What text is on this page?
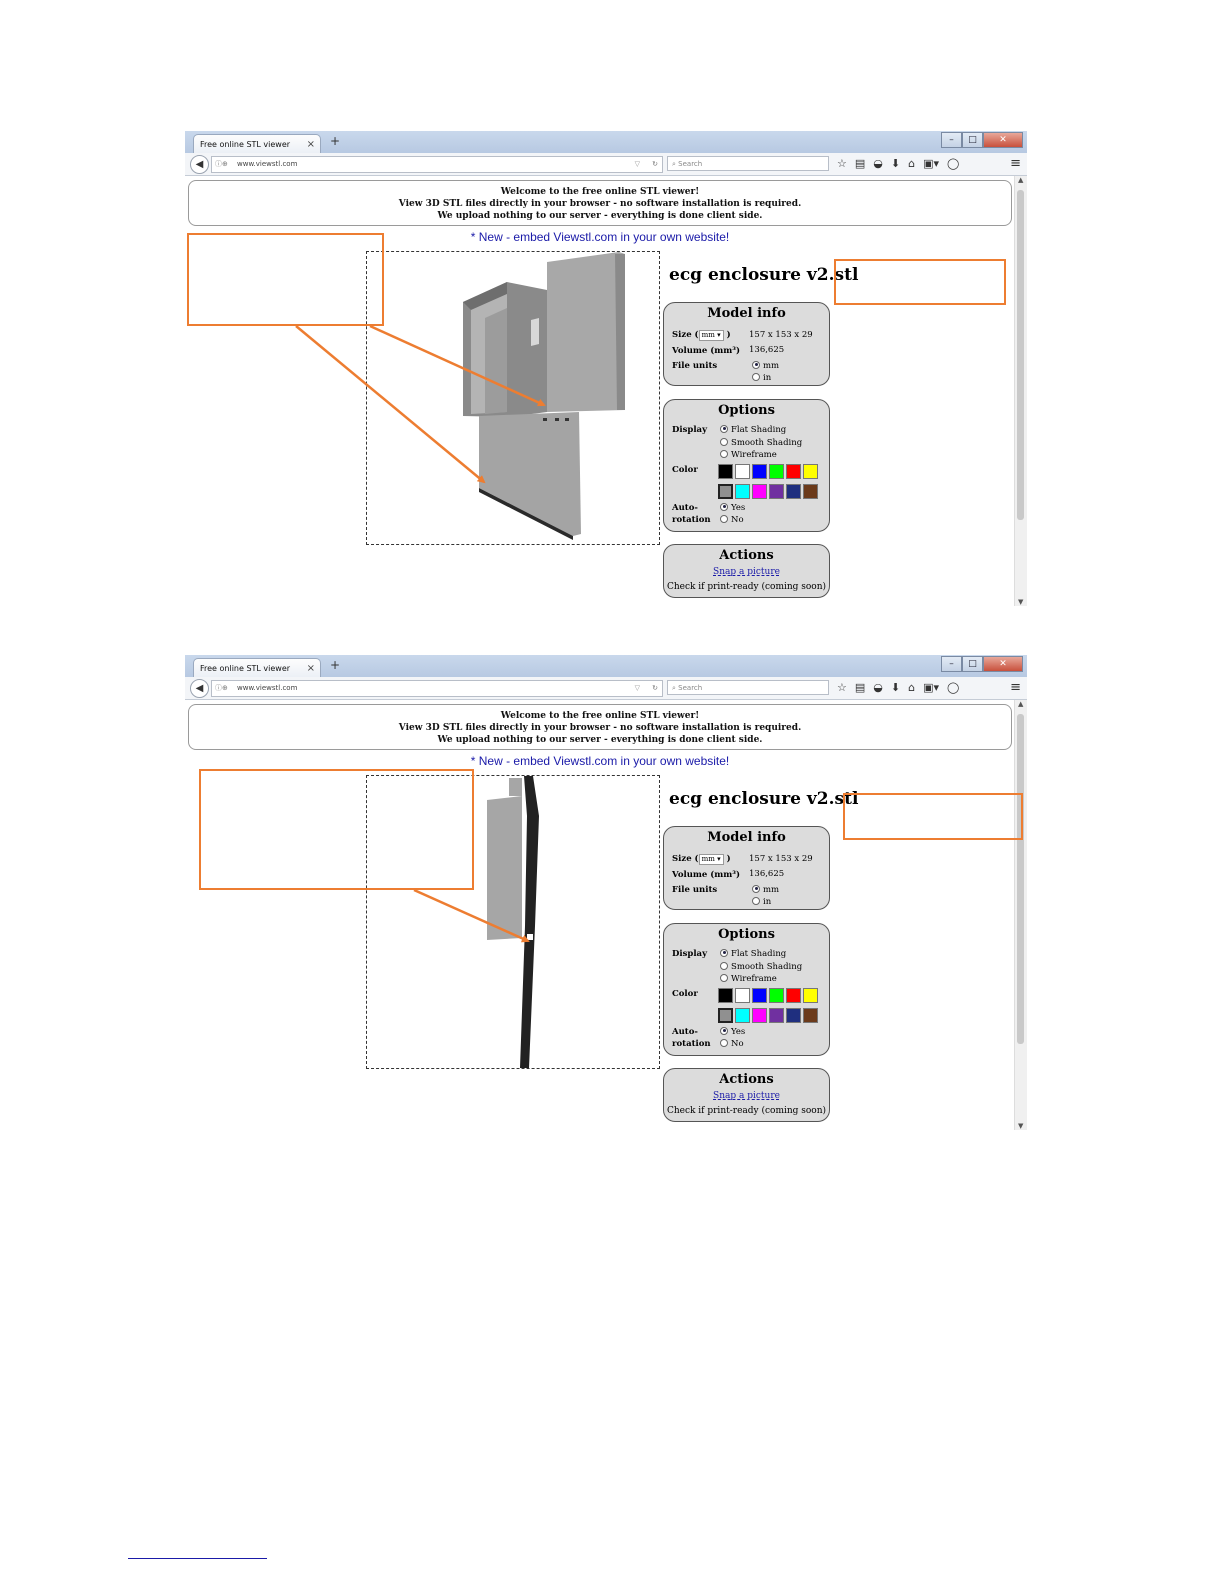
Free online STL viewer × +	–	□	✕
◀	ⓘ⊕ www.viewstl.com	▽ ↻	⌕ Search	☆ ▤ ◒ ⬇ ⌂ ▣▾ ◯	≡
Welcome to the free online STL viewer!
View 3D STL files directly in your browser - no software installation is required.
We upload nothing to our server - everything is done client side.
* New - embed Viewstl.com in your own website!
ecg enclosure v2.stl
Model info
Size ( mm ▾ ) 157 x 153 x 29
Volume (mm³) 136,625
File units	mm
in
Options
Display	Flat Shading
Smooth Shading
Wireframe
Color
Auto-
rotation
Yes
No
Actions
Snap a picture
Check if print-ready (coming soon)
▲
▼
Free online STL viewer × +	–	□	✕
◀	ⓘ⊕ www.viewstl.com	▽ ↻	⌕ Search	☆ ▤ ◒ ⬇ ⌂ ▣▾ ◯	≡
Welcome to the free online STL viewer!
View 3D STL files directly in your browser - no software installation is required.
We upload nothing to our server - everything is done client side.
* New - embed Viewstl.com in your own website!
ecg enclosure v2.stl
Model info
Size ( mm ▾ ) 157 x 153 x 29
Volume (mm³) 136,625
File units	mm
in
Options
Display	Flat Shading
Smooth Shading
Wireframe
Color
Auto-
rotation
Yes
No
Actions
Snap a picture
Check if print-ready (coming soon)
▲
▼
